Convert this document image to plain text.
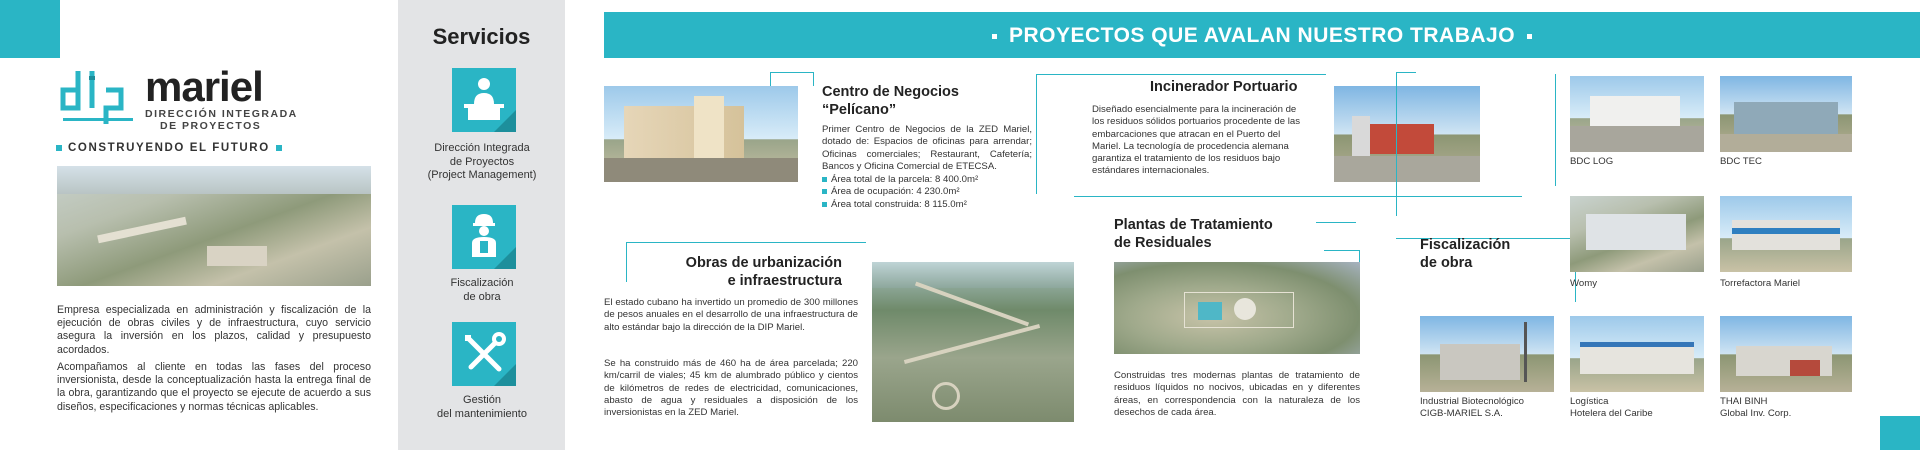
mariel
DIRECCIÓN INTEGRADA
DE PROYECTOS
CONSTRUYENDO EL FUTURO
Empresa especializada en administración y fiscalización de la ejecución de obras civiles y de infraestructura, cuyo servicio asegura la inversión en los plazos, calidad y presupuesto acordados.
Acompañamos al cliente en todas las fases del proceso inversionista, desde la conceptualización hasta la entrega final de la obra, garantizando que el proyecto se ejecute de acuerdo a sus diseños, especificaciones y normas técnicas aplicables.
Servicios
Dirección Integrada
de Proyectos
(Project Management)
Fiscalización
de obra
Gestión
del mantenimiento
PROYECTOS QUE AVALAN NUESTRO TRABAJO
Centro de Negocios
“Pelícano”
Primer Centro de Negocios de la ZED Mariel, dotado de: Espacios de oficinas para arrendar; Oficinas comerciales; Restaurant, Cafetería; Bancos y Oficina Comercial de ETECSA.
Área total de la parcela: 8 400.0m²
Área de ocupación: 4 230.0m²
Área total construida: 8 115.0m²
Incinerador Portuario
Diseñado esencialmente para la incineración de los residuos sólidos portuarios procedente de las embarcaciones que atracan en el Puerto del Mariel. La tecnología de procedencia alemana garantiza el tratamiento de los residuos bajo estándares internacionales.
Obras de urbanización
e infraestructura
El estado cubano ha invertido un promedio de 300 millones de pesos anuales en el desarrollo de una infraestructura de alto estándar bajo la dirección de la DIP Mariel.
Se ha construido más de 460 ha de área parcelada; 220 km/carril de viales; 45 km de alumbrado público y cientos de kilómetros de redes de electricidad, comunicaciones, abasto de agua y residuales a disposición de los inversionistas en la ZED Mariel.
Plantas de Tratamiento
de Residuales
Construidas tres modernas plantas de tratamiento de residuos líquidos no nocivos, ubicadas en y diferentes áreas, en correspondencia con la naturaleza de los desechos de cada área.
Fiscalización
de obra
BDC LOG	BDC TEC
Womy	Torrefactora Mariel
Industrial Biotecnológico
CIGB-MARIEL S.A.
Logística
Hotelera del Caribe
THAI BINH
Global Inv. Corp.
